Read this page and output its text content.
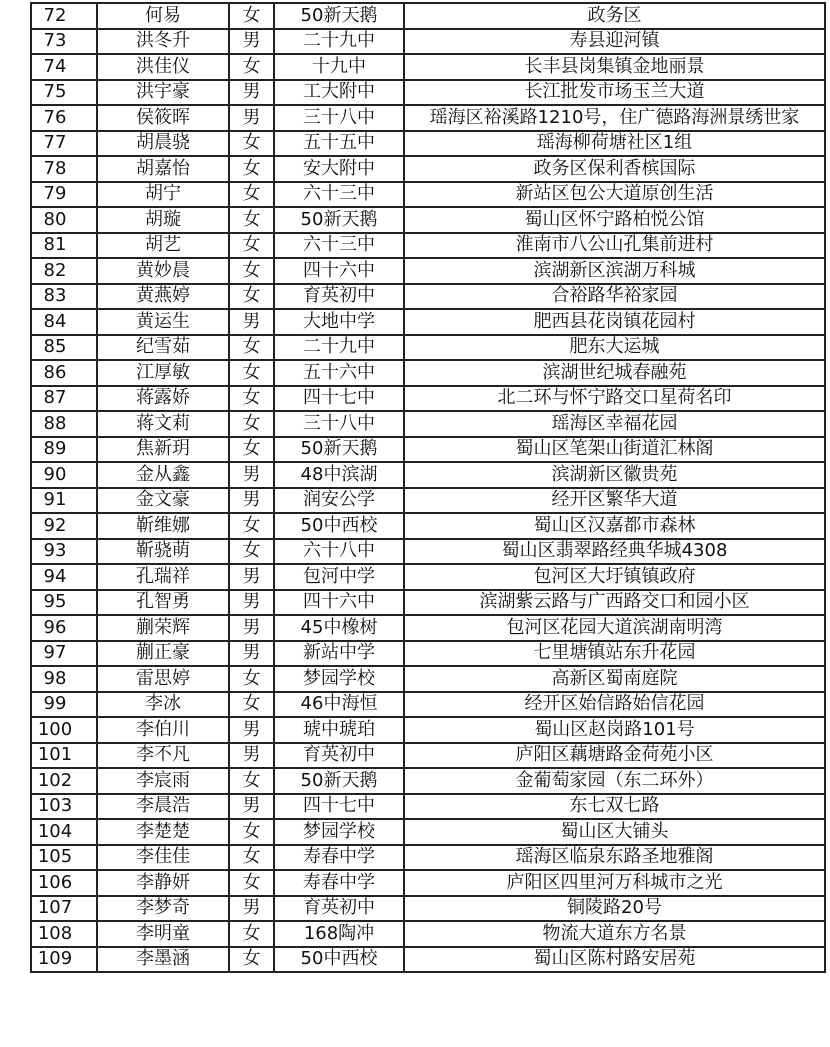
72	何易	女	50新天鹅	政务区
73	洪冬升	男	二十九中	寿县迎河镇
74	洪佳仪	女	十九中	长丰县岗集镇金地丽景
75	洪宇豪	男	工大附中	长江批发市场玉兰大道
76	侯筱晖	男	三十八中	瑶海区裕溪路1210号，住广德路海洲景绣世家
77	胡晨骁	女	五十五中	瑶海柳荷塘社区1组
78	胡嘉怡	女	安大附中	政务区保利香槟国际
79	胡宁	女	六十三中	新站区包公大道原创生活
80	胡璇	女	50新天鹅	蜀山区怀宁路柏悦公馆
81	胡艺	女	六十三中	淮南市八公山孔集前进村
82	黄妙晨	女	四十六中	滨湖新区滨湖万科城
83	黄燕婷	女	育英初中	合裕路华裕家园
84	黄运生	男	大地中学	肥西县花岗镇花园村
85	纪雪茹	女	二十九中	肥东大运城
86	江厚敏	女	五十六中	滨湖世纪城春融苑
87	蒋露娇	女	四十七中	北二环与怀宁路交口星荷名印
88	蒋文莉	女	三十八中	瑶海区幸福花园
89	焦新玥	女	50新天鹅	蜀山区笔架山街道汇林阁
90	金从鑫	男	48中滨湖	滨湖新区徽贵苑
91	金文豪	男	润安公学	经开区繁华大道
92	靳维娜	女	50中西校	蜀山区汉嘉都市森林
93	靳骁萌	女	六十八中	蜀山区翡翠路经典华城4308
94	孔瑞祥	男	包河中学	包河区大圩镇镇政府
95	孔智勇	男	四十六中	滨湖紫云路与广西路交口和园小区
96	蒯荣辉	男	45中橡树	包河区花园大道滨湖南明湾
97	蒯正豪	男	新站中学	七里塘镇站东升花园
98	雷思婷	女	梦园学校	高新区蜀南庭院
99	李冰	女	46中海恒	经开区始信路始信花园
100	李伯川	男	琥中琥珀	蜀山区赵岗路101号
101	李不凡	男	育英初中	庐阳区藕塘路金荷苑小区
102	李宸雨	女	50新天鹅	金葡萄家园（东二环外）
103	李晨浩	男	四十七中	东七双七路
104	李楚楚	女	梦园学校	蜀山区大铺头
105	李佳佳	女	寿春中学	瑶海区临泉东路圣地雅阁
106	李静妍	女	寿春中学	庐阳区四里河万科城市之光
107	李梦奇	男	育英初中	铜陵路20号
108	李明童	女	168陶冲	物流大道东方名景
109	李墨涵	女	50中西校	蜀山区陈村路安居苑
